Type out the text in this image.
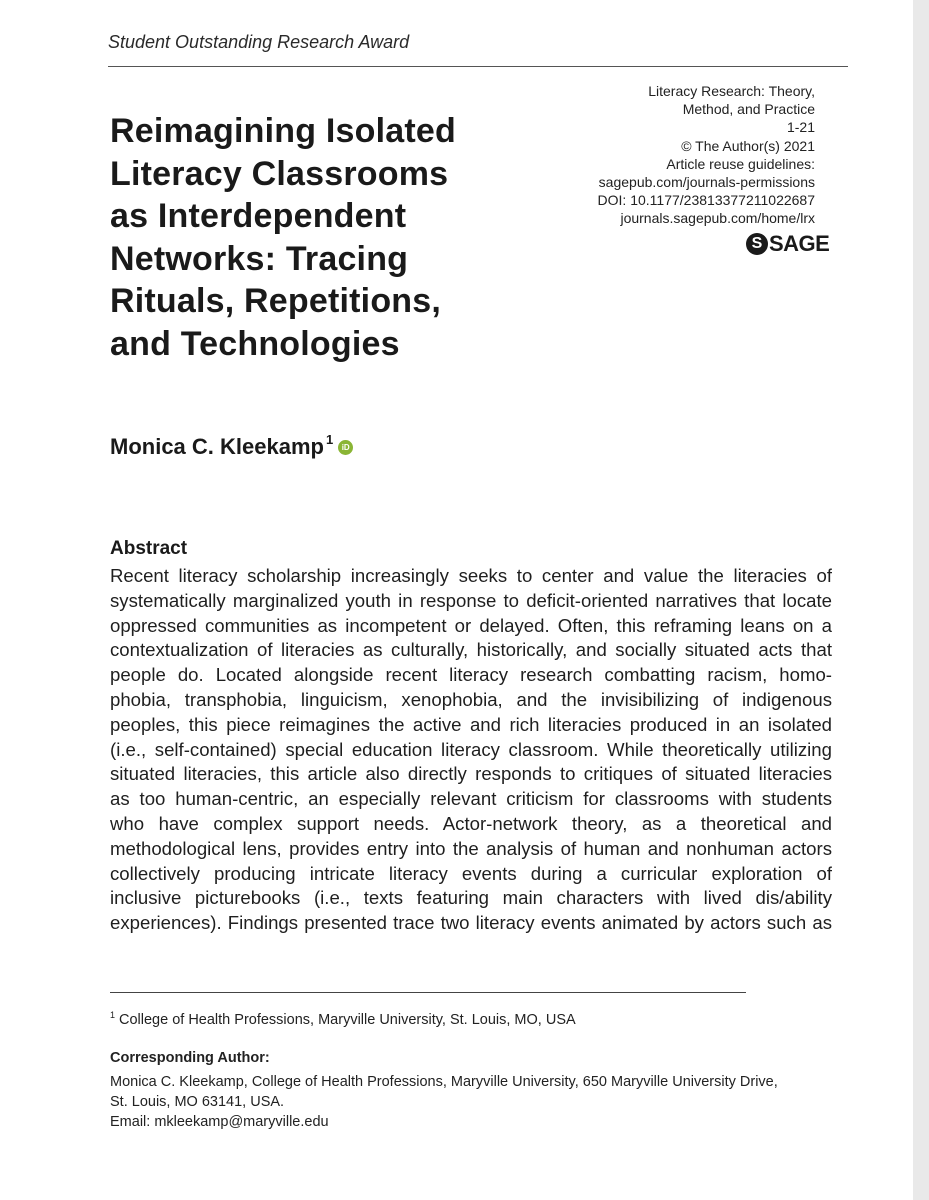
Student Outstanding Research Award
Reimagining Isolated
Literacy Classrooms
as Interdependent
Networks: Tracing
Rituals, Repetitions,
and Technologies
Literacy Research: Theory,
Method, and Practice
1-21
© The Author(s) 2021
Article reuse guidelines:
sagepub.com/journals-permissions
DOI: 10.1177/23813377211022687
journals.sagepub.com/home/lrx
S SAGE
Monica C. Kleekamp$^1$
iD
Abstract
Recent literacy scholarship increasingly seeks to center and value the literacies of
systematically marginalized youth in response to deficit-oriented narratives that locate
oppressed communities as incompetent or delayed. Often, this reframing leans on a
contextualization of literacies as culturally, historically, and socially situated acts that
people do. Located alongside recent literacy research combatting racism, homo-
phobia, transphobia, linguicism, xenophobia, and the invisibilizing of indigenous
peoples, this piece reimagines the active and rich literacies produced in an isolated
(i.e., self-contained) special education literacy classroom. While theoretically utilizing
situated literacies, this article also directly responds to critiques of situated literacies
as too human-centric, an especially relevant criticism for classrooms with students
who have complex support needs. Actor-network theory, as a theoretical and
methodological lens, provides entry into the analysis of human and nonhuman actors
collectively producing intricate literacy events during a curricular exploration of
inclusive picturebooks (i.e., texts featuring main characters with lived dis/ability
experiences). Findings presented trace two literacy events animated by actors such as
$^1$ College of Health Professions, Maryville University, St. Louis, MO, USA
Corresponding Author:
Monica C. Kleekamp, College of Health Professions, Maryville University, 650 Maryville University Drive,
St. Louis, MO 63141, USA.
Email: mkleekamp@maryville.edu
